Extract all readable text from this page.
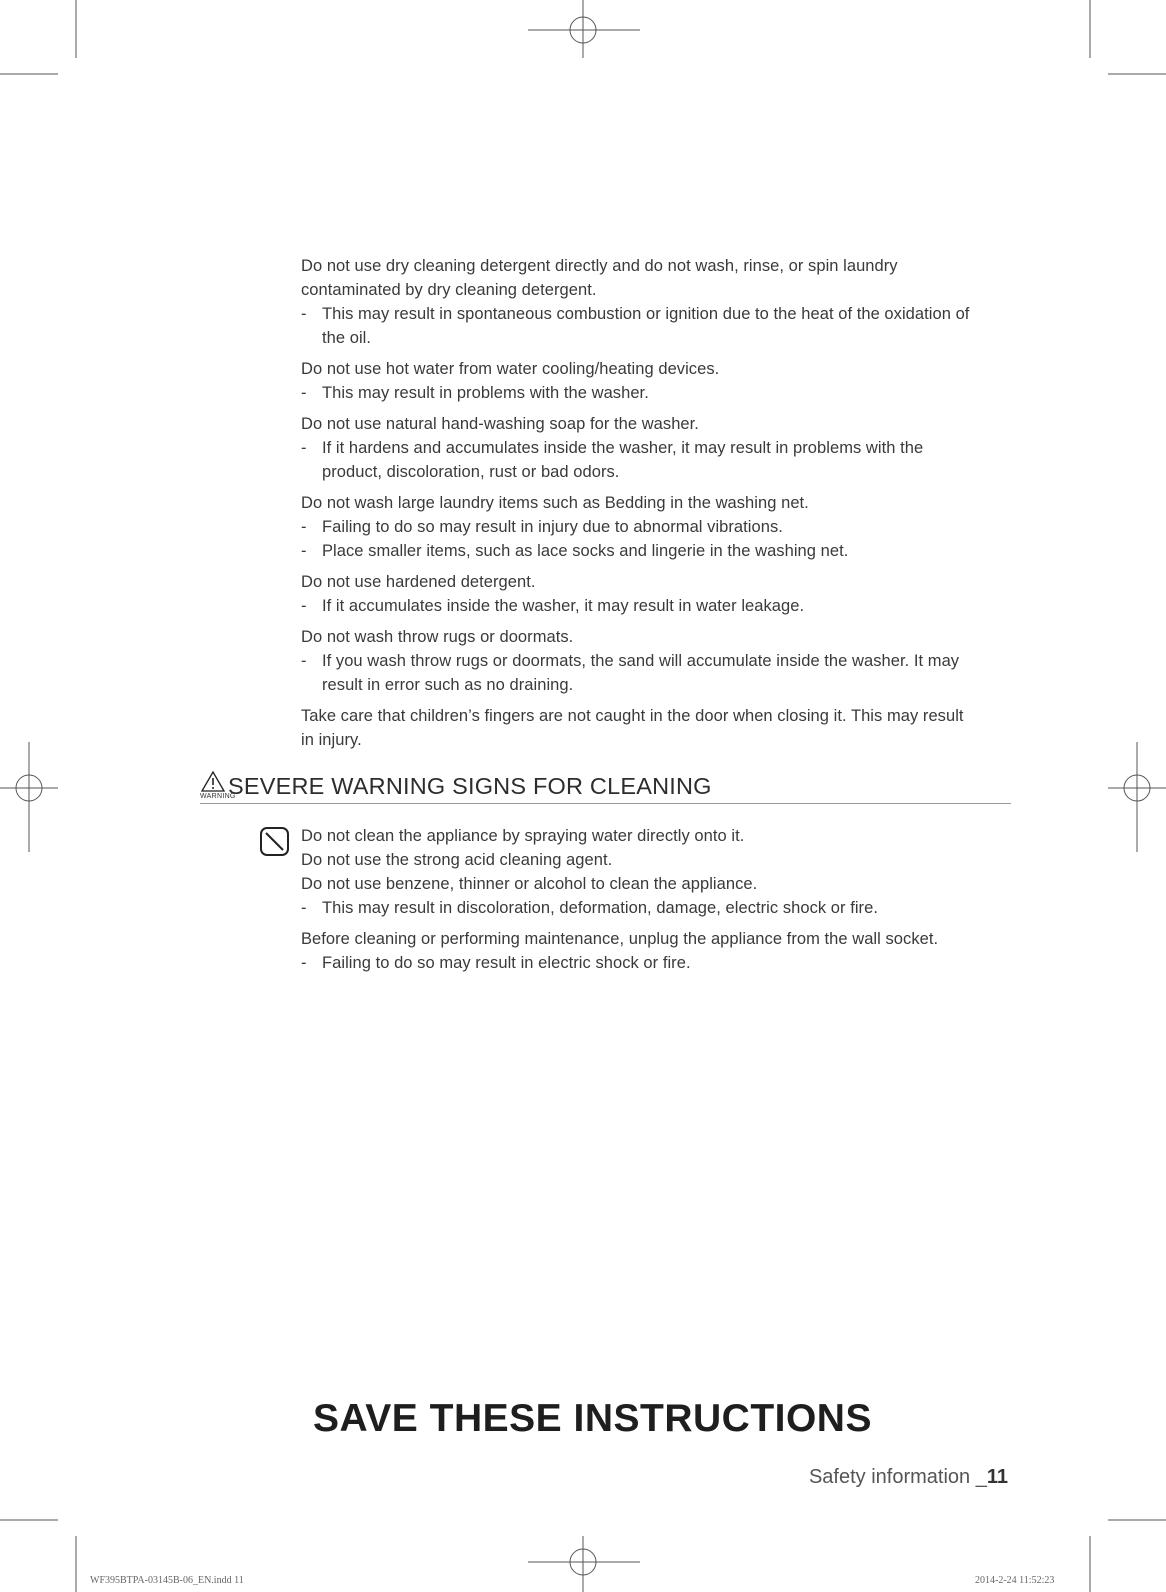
Do not use dry cleaning detergent directly and do not wash, rinse, or spin laundry

contaminated by dry cleaning detergent.

- This may result in spontaneous combustion or ignition due to the heat of the oxidation of
the oil.

Do not use hot water from water cooling/heating devices.

- This may result in problems with the washer.

Do not use natural hand-washing soap for the washer.

- If it hardens and accumulates inside the washer, it may result in problems with the
product, discoloration, rust or bad odors.

Do not wash large laundry items such as Bedding in the washing net.

- Failing to do so may result in injury due to abnormal vibrations.
- Place smaller items, such as lace socks and lingerie in the washing net.

Do not use hardened detergent.

- If it accumulates inside the washer, it may result in water leakage.

Do not wash throw rugs or doormats.

- If you wash throw rugs or doormats, the sand will accumulate inside the washer. It may
result in error such as no draining.

Take care that children’s fingers are not caught in the door when closing it. This may result

in injury.

WARNING
SEVERE WARNING SIGNS FOR CLEANING

Do not clean the appliance by spraying water directly onto it.

Do not use the strong acid cleaning agent.

Do not use benzene, thinner or alcohol to clean the appliance.

- This may result in discoloration, deformation, damage, electric shock or fire.

Before cleaning or performing maintenance, unplug the appliance from the wall socket.

- Failing to do so may result in electric shock or fire.
SAVE THESE INSTRUCTIONS
Safety information _11
WF395BTPA-03145B-06_EN.indd 11	2014-2-24 11:52:23
